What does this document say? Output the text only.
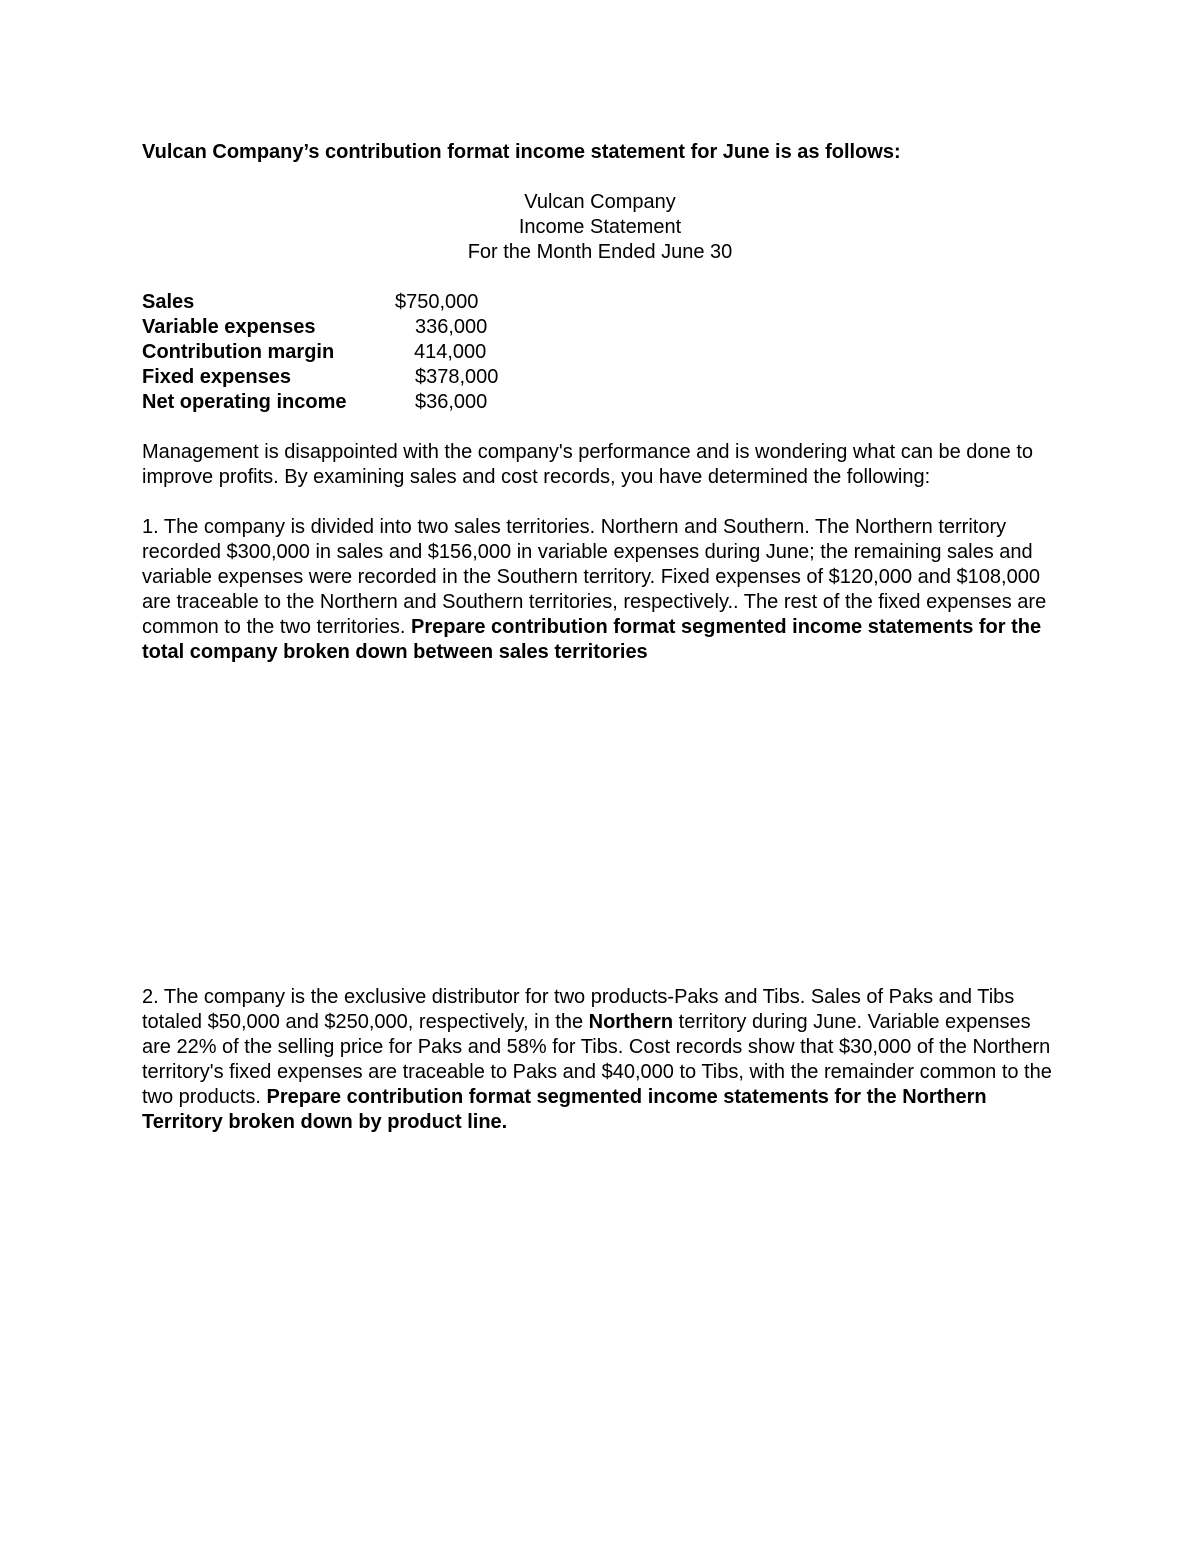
Vulcan Company’s contribution format income statement for June is as follows:

Vulcan Company
Income Statement
For the Month Ended June 30
Sales	$750,000
Variable expenses	336,000
Contribution margin	414,000
Fixed expenses	$378,000
Net operating income	$36,000

Management is disappointed with the company's performance and is wondering what can be done to improve profits. By examining sales and cost records, you have determined the following:

1. The company is divided into two sales territories. Northern and Southern. The Northern territory recorded $300,000 in sales and $156,000 in variable expenses during June; the remaining sales and variable expenses were recorded in the Southern territory. Fixed expenses of $120,000 and $108,000 are traceable to the Northern and Southern territories, respectively.. The rest of the fixed expenses are common to the two territories. Prepare contribution format segmented income statements for the total company broken down between sales territories

2. The company is the exclusive distributor for two products-Paks and Tibs. Sales of Paks and Tibs totaled $50,000 and $250,000, respectively, in the Northern territory during June. Variable expenses are 22% of the selling price for Paks and 58% for Tibs. Cost records show that $30,000 of the Northern territory's fixed expenses are traceable to Paks and $40,000 to Tibs, with the remainder common to the two products. Prepare contribution format segmented income statements for the Northern Territory broken down by product line.
